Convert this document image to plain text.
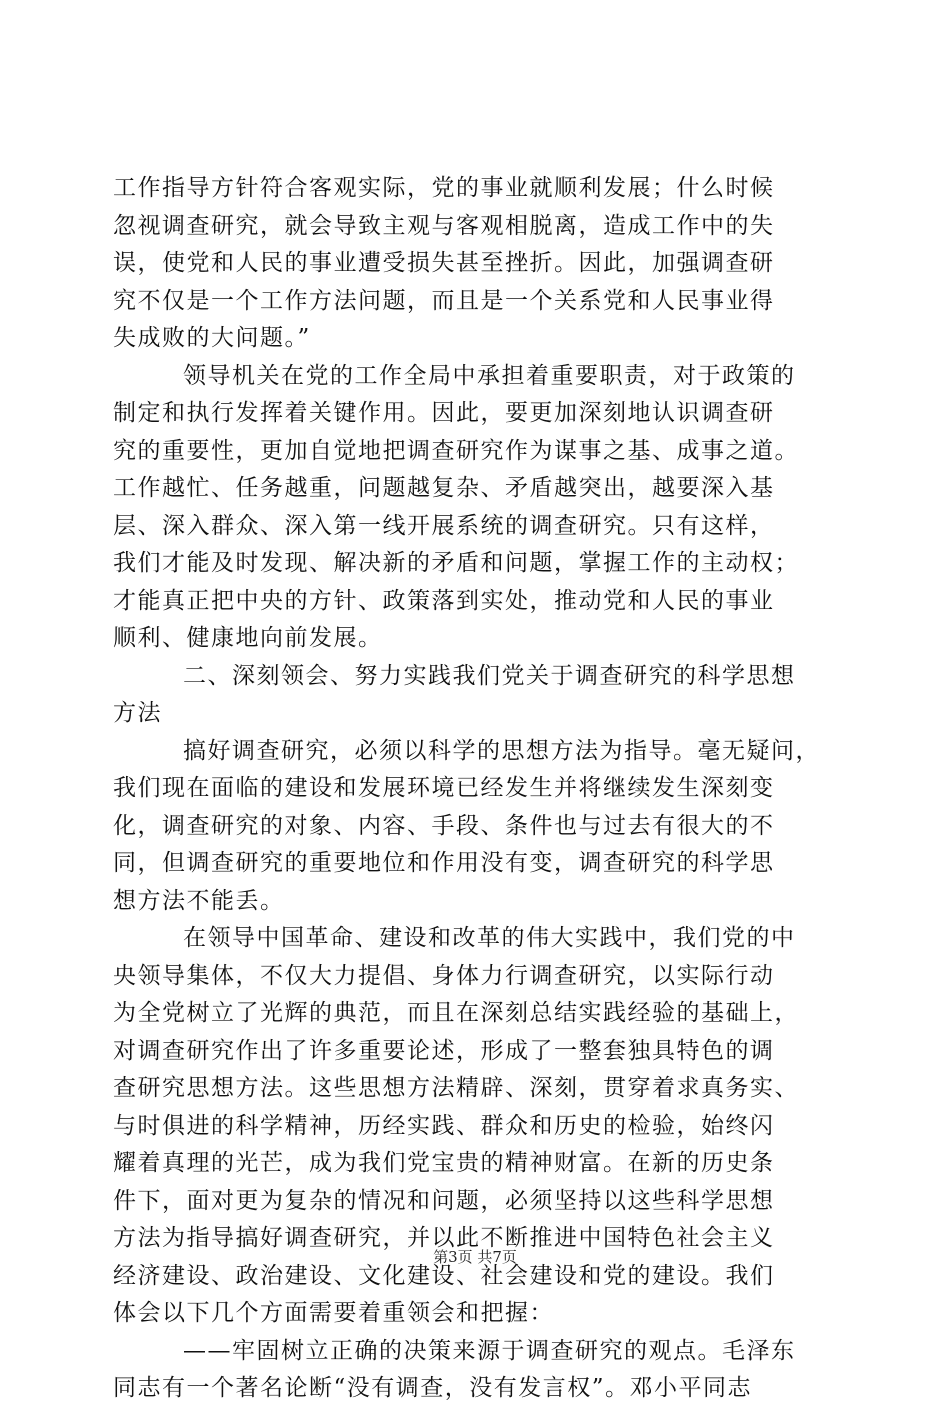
工作指导方针符合客观实际，党的事业就顺利发展；什么时候
忽视调查研究，就会导致主观与客观相脱离，造成工作中的失
误，使党和人民的事业遭受损失甚至挫折。因此，加强调查研
究不仅是一个工作方法问题，而且是一个关系党和人民事业得
失成败的大问题。”
领导机关在党的工作全局中承担着重要职责，对于政策的
制定和执行发挥着关键作用。因此，要更加深刻地认识调查研
究的重要性，更加自觉地把调查研究作为谋事之基、成事之道。
工作越忙、任务越重，问题越复杂、矛盾越突出，越要深入基
层、深入群众、深入第一线开展系统的调查研究。只有这样，
我们才能及时发现、解决新的矛盾和问题，掌握工作的主动权；
才能真正把中央的方针、政策落到实处，推动党和人民的事业
顺利、健康地向前发展。
二、深刻领会、努力实践我们党关于调查研究的科学思想
方法
搞好调查研究，必须以科学的思想方法为指导。毫无疑问，
我们现在面临的建设和发展环境已经发生并将继续发生深刻变
化，调查研究的对象、内容、手段、条件也与过去有很大的不
同，但调查研究的重要地位和作用没有变，调查研究的科学思
想方法不能丢。
在领导中国革命、建设和改革的伟大实践中，我们党的中
央领导集体，不仅大力提倡、身体力行调查研究，以实际行动
为全党树立了光辉的典范，而且在深刻总结实践经验的基础上，
对调查研究作出了许多重要论述，形成了一整套独具特色的调
查研究思想方法。这些思想方法精辟、深刻，贯穿着求真务实、
与时俱进的科学精神，历经实践、群众和历史的检验，始终闪
耀着真理的光芒，成为我们党宝贵的精神财富。在新的历史条
件下，面对更为复杂的情况和问题，必须坚持以这些科学思想
方法为指导搞好调查研究，并以此不断推进中国特色社会主义
经济建设、政治建设、文化建设、社会建设和党的建设。我们
体会以下几个方面需要着重领会和把握：
——牢固树立正确的决策来源于调查研究的观点。毛泽东
同志有一个著名论断“没有调查，没有发言权”。邓小平同志
第3页 共7页
